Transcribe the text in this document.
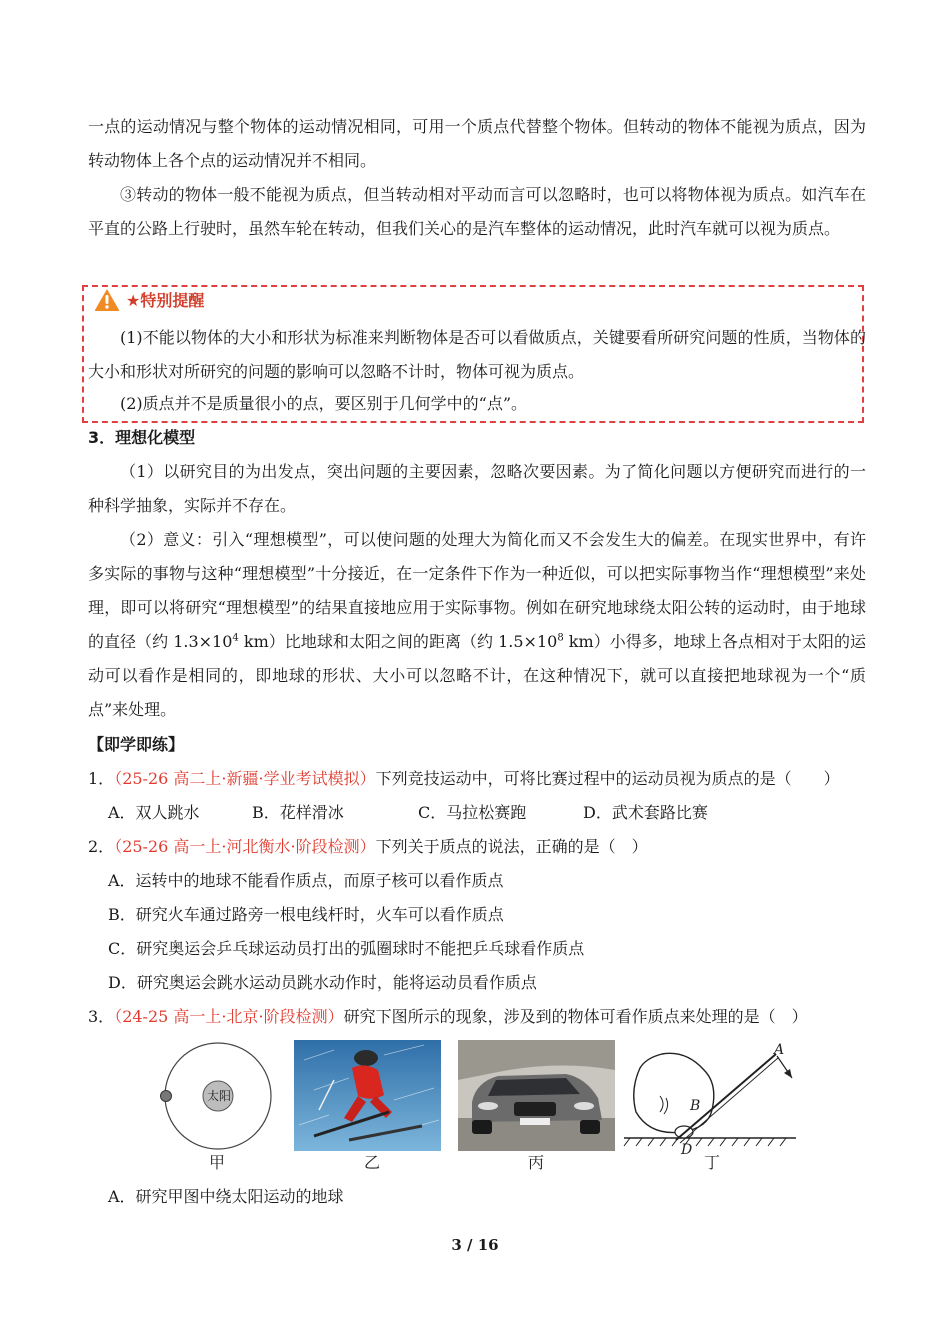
一点的运动情况与整个物体的运动情况相同，可用一个质点代替整个物体。但转动的物体不能视为质点，因为转动物体上各个点的运动情况并不相同。
③转动的物体一般不能视为质点，但当转动相对平动而言可以忽略时，也可以将物体视为质点。如汽车在平直的公路上行驶时，虽然车轮在转动，但我们关心的是汽车整体的运动情况，此时汽车就可以视为质点。
★特别提醒
(1)不能以物体的大小和形状为标准来判断物体是否可以看做质点，关键要看所研究问题的性质，当物体的大小和形状对所研究的问题的影响可以忽略不计时，物体可视为质点。
(2)质点并不是质量很小的点，要区别于几何学中的“点”。
3．理想化模型
（1）以研究目的为出发点，突出问题的主要因素，忽略次要因素。为了简化问题以方便研究而进行的一种科学抽象，实际并不存在。
（2）意义：引入“理想模型”，可以使问题的处理大为简化而又不会发生大的偏差。在现实世界中，有许多实际的事物与这种“理想模型”十分接近，在一定条件下作为一种近似，可以把实际事物当作“理想模型”来处理，即可以将研究“理想模型”的结果直接地应用于实际事物。例如在研究地球绕太阳公转的运动时，由于地球的直径（约 $1.3\times 10^4$ km）比地球和太阳之间的距离（约 $1.5\times 10^8$ km）小得多，地球上各点相对于太阳的运动可以看作是相同的，即地球的形状、大小可以忽略不计，在这种情况下，就可以直接把地球视为一个“质点”来处理。
【即学即练】
1．（25-26 高二上·新疆·学业考试模拟）下列竞技运动中，可将比赛过程中的运动员视为质点的是（　　）
A．双人跳水	B．花样滑冰	C．马拉松赛跑	D．武术套路比赛
2．（25-26 高一上·河北衡水·阶段检测）下列关于质点的说法，正确的是（　）
A．运转中的地球不能看作质点，而原子核可以看作质点
B．研究火车通过路旁一根电线杆时，火车可以看作质点
C．研究奥运会乒乓球运动员打出的弧圈球时不能把乒乓球看作质点
D．研究奥运会跳水运动员跳水动作时，能将运动员看作质点
3．（24-25 高一上·北京·阶段检测）研究下图所示的现象，涉及到的物体可看作质点来处理的是（　）
太阳
甲	乙	丙
A
B
D
丁
A．研究甲图中绕太阳运动的地球
3 / 16
